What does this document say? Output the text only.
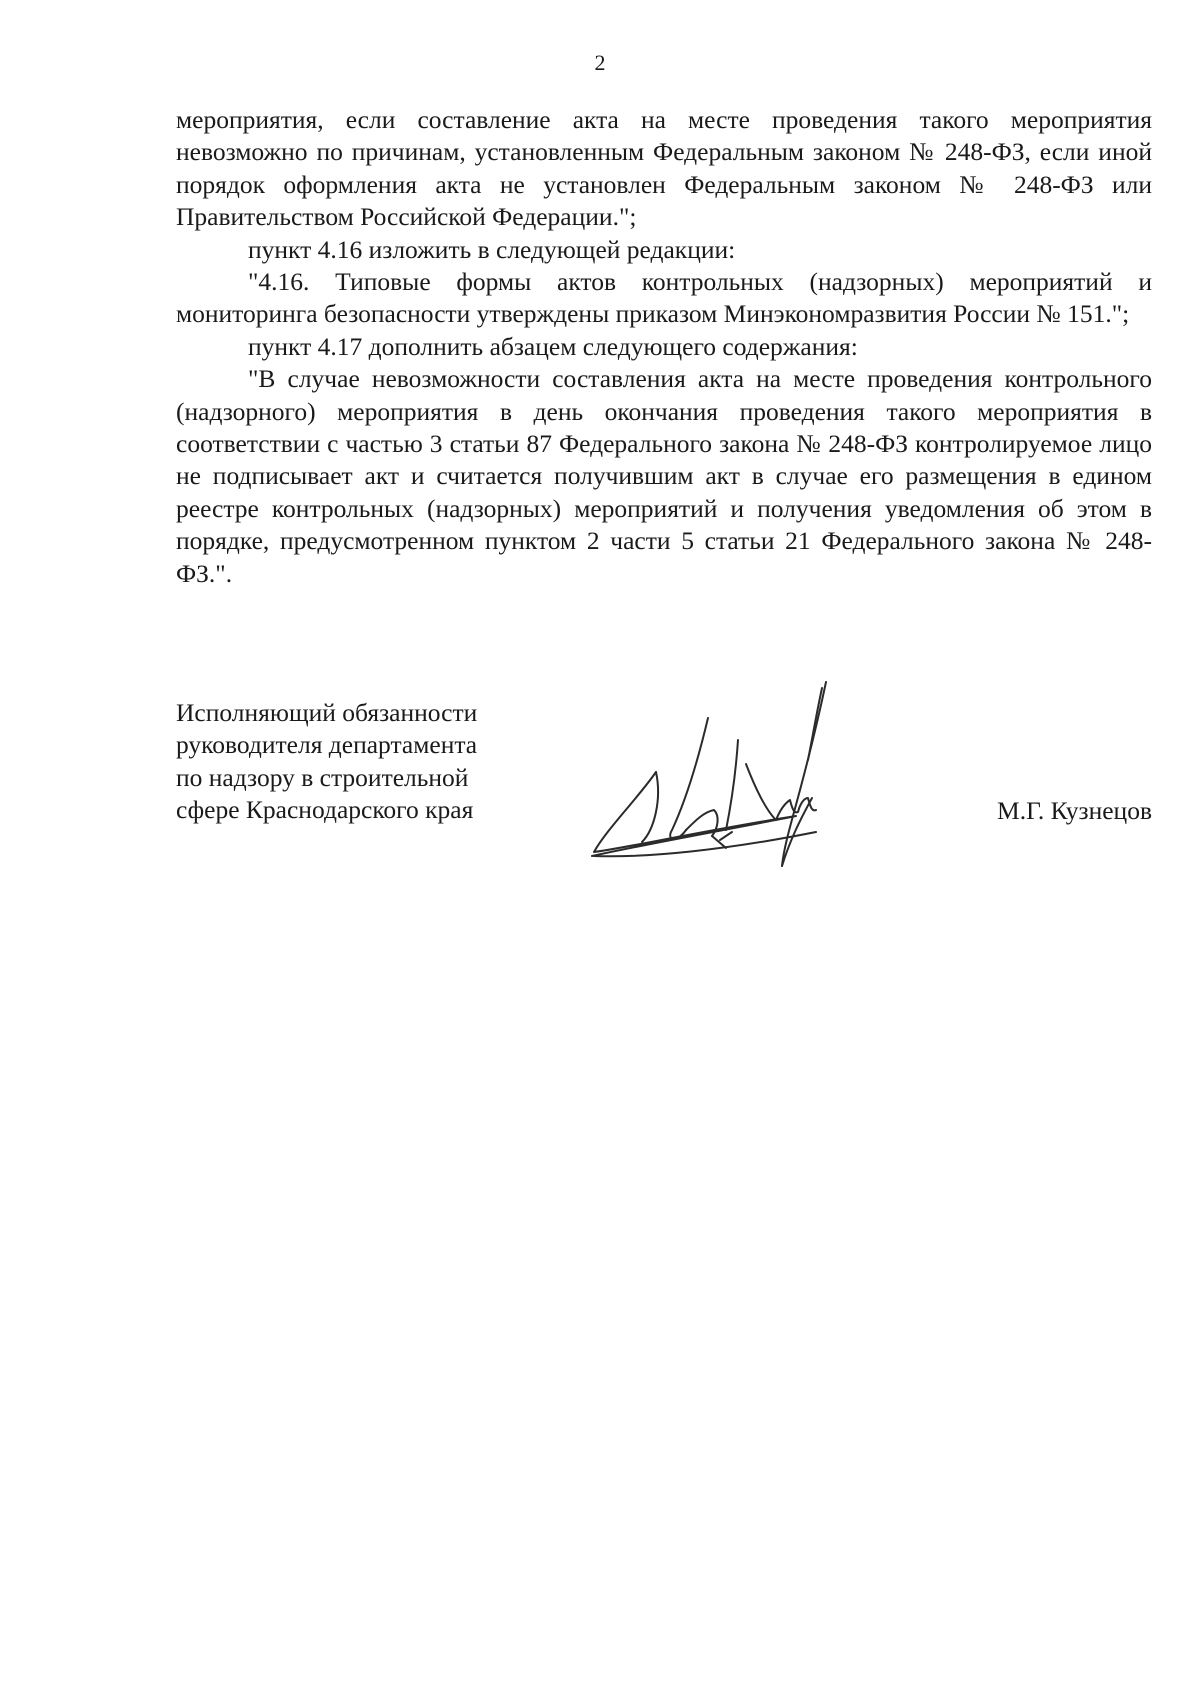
2

мероприятия, если составление акта на месте проведения такого мероприятия невозможно по причинам, установленным Федеральным законом № 248-ФЗ, если иной порядок оформления акта не установлен Федеральным законом № 248-ФЗ или Правительством Российской Федерации.";

пункт 4.16 изложить в следующей редакции:

"4.16. Типовые формы актов контрольных (надзорных) мероприятий и мониторинга безопасности утверждены приказом Минэкономразвития России № 151.";

пункт 4.17 дополнить абзацем следующего содержания:

"В случае невозможности составления акта на месте проведения контрольного (надзорного) мероприятия в день окончания проведения такого мероприятия в соответствии с частью 3 статьи 87 Федерального закона № 248-ФЗ контролируемое лицо не подписывает акт и считается получившим акт в случае его размещения в едином реестре контрольных (надзорных) мероприятий и получения уведомления об этом в порядке, предусмотренном пунктом 2 части 5 статьи 21 Федерального закона № 248-ФЗ.".

Исполняющий обязанности
руководителя департамента
по надзору в строительной
сфере Краснодарского края	М.Г. Кузнецов
